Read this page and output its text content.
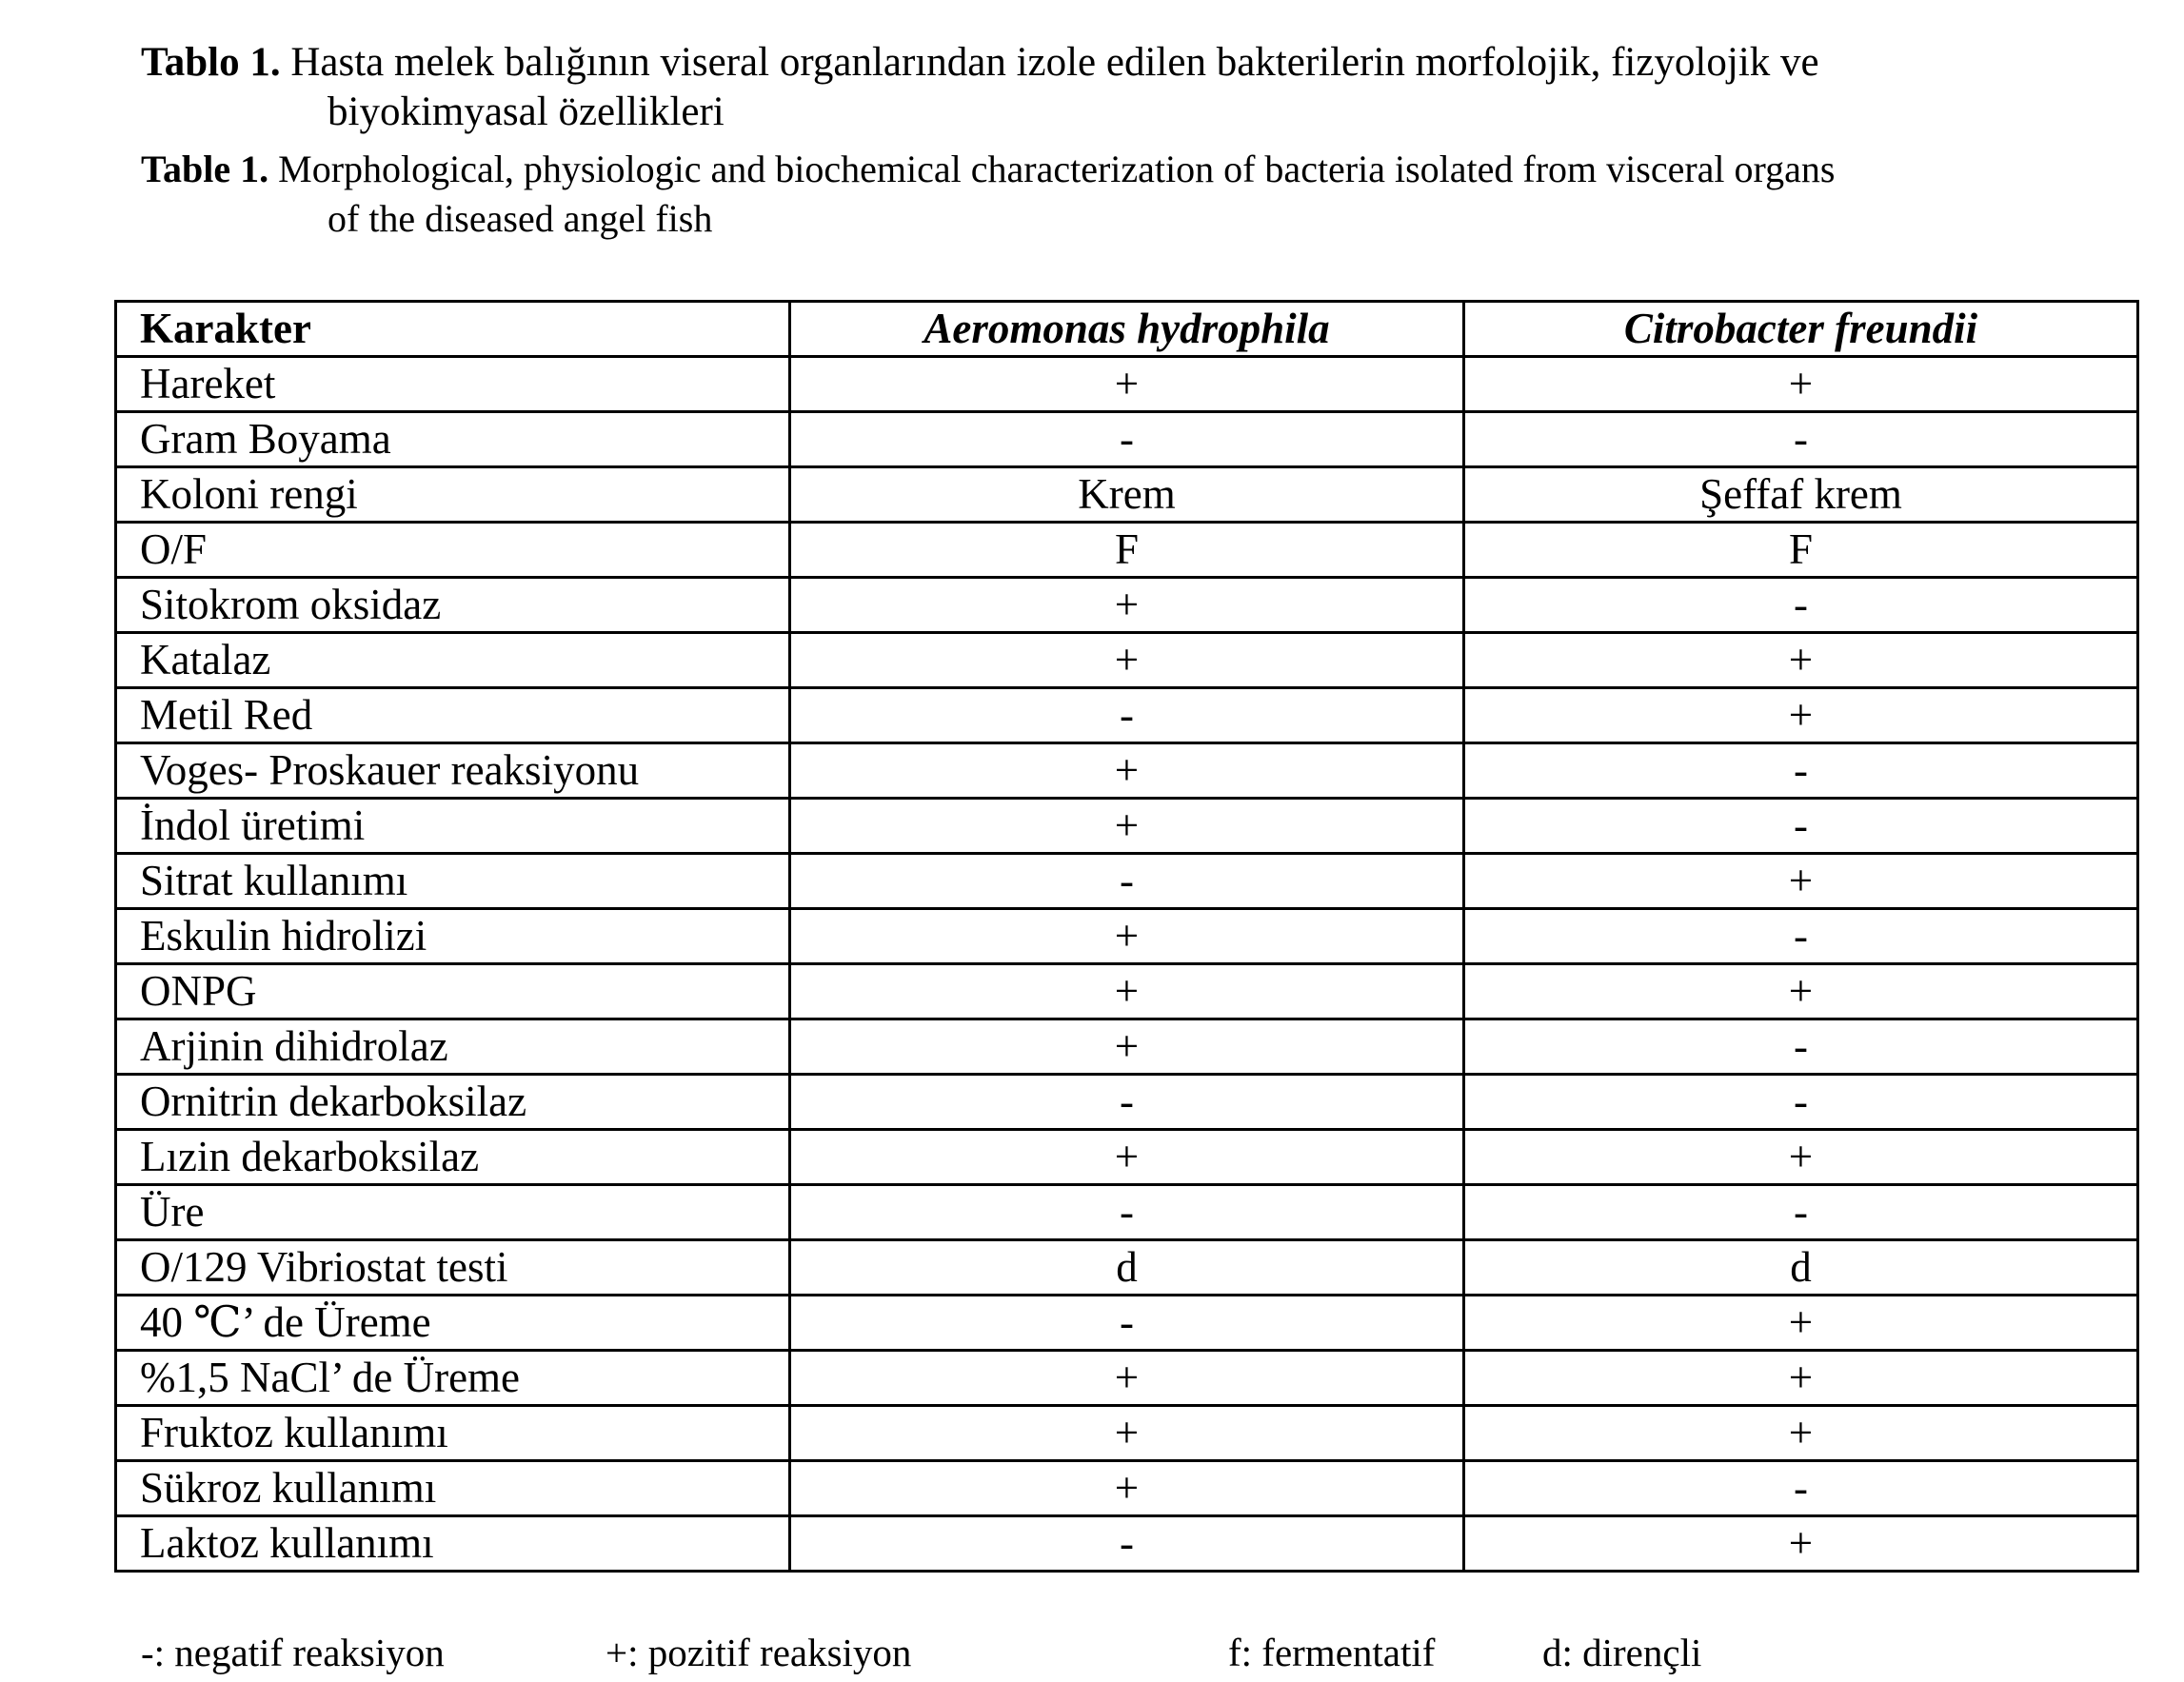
Tablo 1. Hasta melek balığının viseral organlarından izole edilen bakterilerin morfolojik, fizyolojik ve
biyokimyasal özellikleri
Table 1. Morphological, physiologic and biochemical characterization of bacteria isolated from visceral organs
of the diseased angel fish
Karakter	Aeromonas hydrophila	Citrobacter freundii
Hareket	+	+
Gram Boyama	-	-
Koloni rengi	Krem	Şeffaf krem
O/F	F	F
Sitokrom oksidaz	+	-
Katalaz	+	+
Metil Red	-	+
Voges- Proskauer reaksiyonu	+	-
İndol üretimi	+	-
Sitrat kullanımı	-	+
Eskulin hidrolizi	+	-
ONPG	+	+
Arjinin dihidrolaz	+	-
Ornitrin dekarboksilaz	-	-
Lızin dekarboksilaz	+	+
Üre	-	-
O/129 Vibriostat testi	d	d
40 ℃’ de Üreme	-	+
%1,5 NaCl’ de Üreme	+	+
Fruktoz kullanımı	+	+
Sükroz kullanımı	+	-
Laktoz kullanımı	-	+
-: negatif reaksiyon	+: pozitif reaksiyon	f: fermentatif	d: dirençli
